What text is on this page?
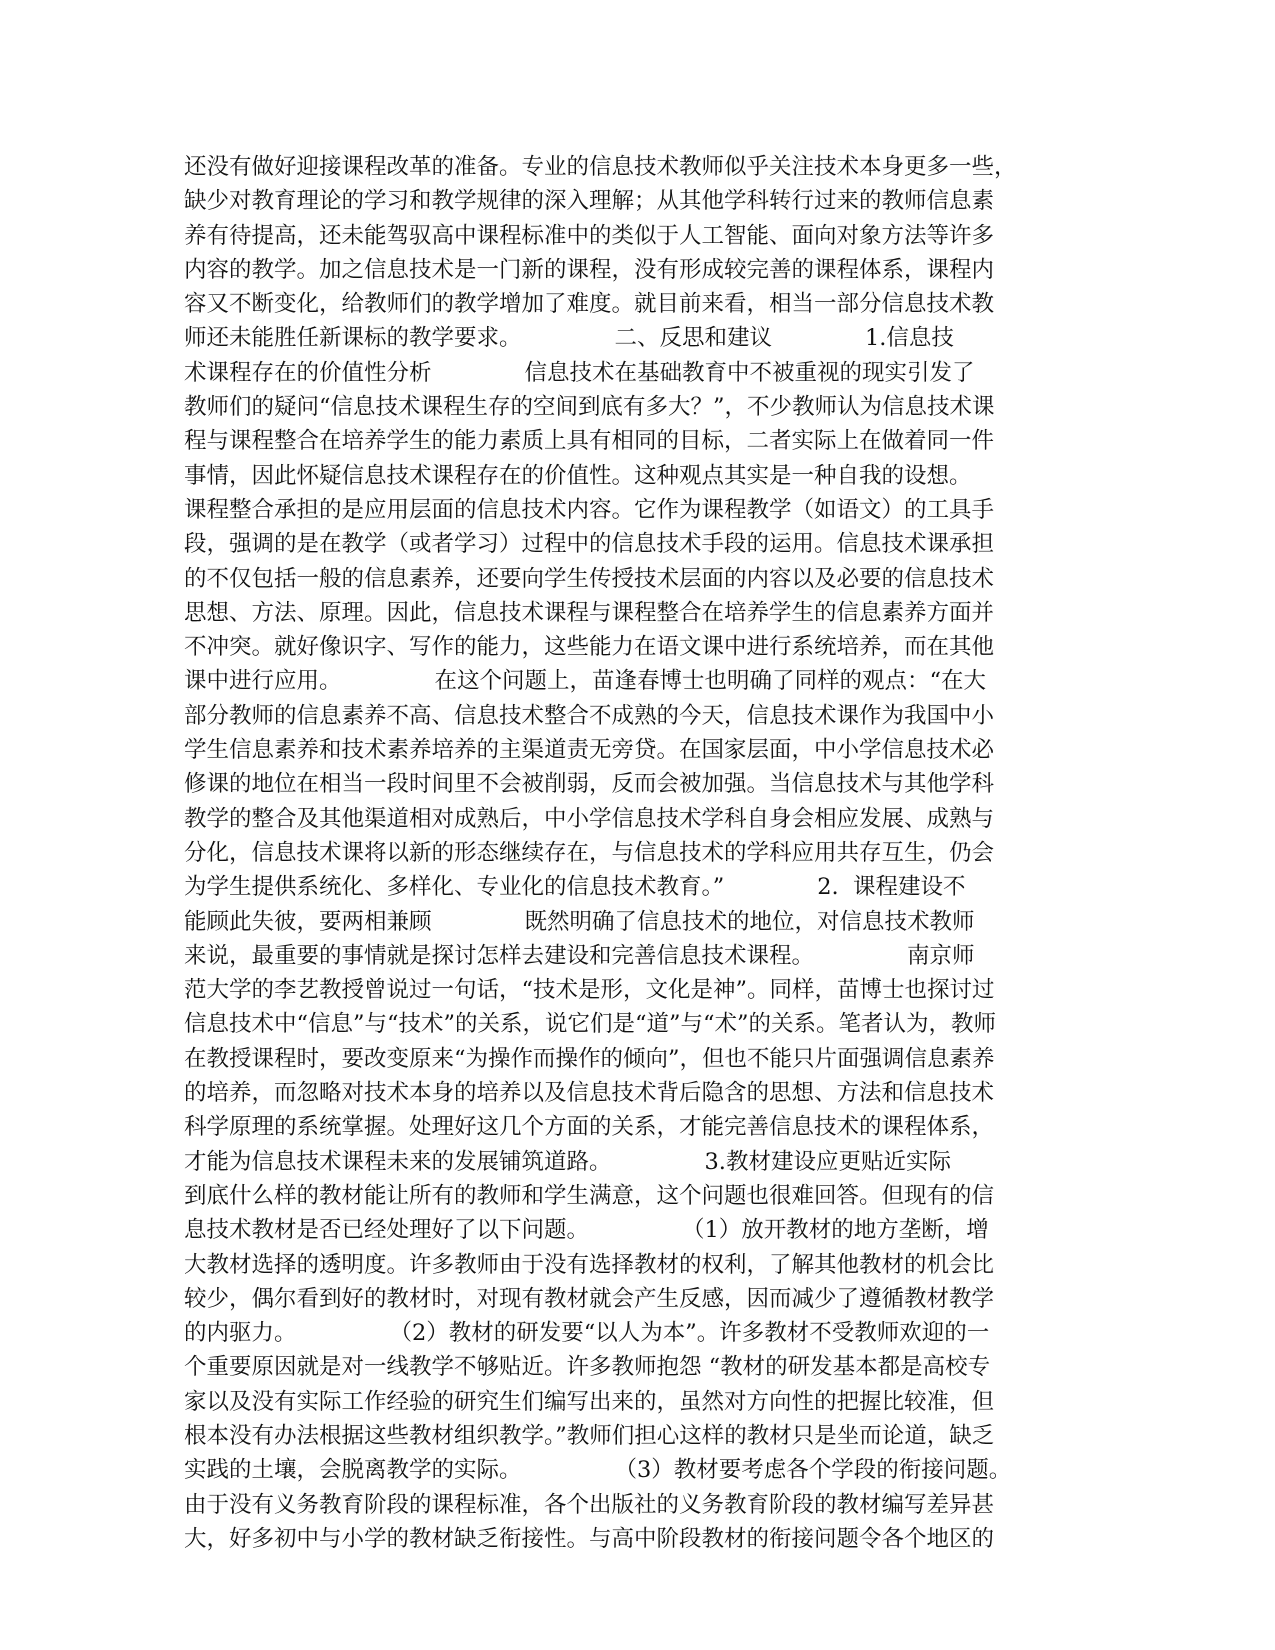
还没有做好迎接课程改革的准备。专业的信息技术教师似乎关注技术本身更多一些，
缺少对教育理论的学习和教学规律的深入理解；从其他学科转行过来的教师信息素
养有待提高，还未能驾驭高中课程标准中的类似于人工智能、面向对象方法等许多
内容的教学。加之信息技术是一门新的课程，没有形成较完善的课程体系，课程内
容又不断变化，给教师们的教学增加了难度。就目前来看，相当一部分信息技术教
师还未能胜任新课标的教学要求。             二、反思和建议             1.信息技
术课程存在的价值性分析             信息技术在基础教育中不被重视的现实引发了
教师们的疑问“信息技术课程生存的空间到底有多大？”，不少教师认为信息技术课
程与课程整合在培养学生的能力素质上具有相同的目标，二者实际上在做着同一件
事情，因此怀疑信息技术课程存在的价值性。这种观点其实是一种自我的设想。
课程整合承担的是应用层面的信息技术内容。它作为课程教学（如语文）的工具手
段，强调的是在教学（或者学习）过程中的信息技术手段的运用。信息技术课承担
的不仅包括一般的信息素养，还要向学生传授技术层面的内容以及必要的信息技术
思想、方法、原理。因此，信息技术课程与课程整合在培养学生的信息素养方面并
不冲突。就好像识字、写作的能力，这些能力在语文课中进行系统培养，而在其他
课中进行应用。             在这个问题上，苗逢春博士也明确了同样的观点：“在大
部分教师的信息素养不高、信息技术整合不成熟的今天，信息技术课作为我国中小
学生信息素养和技术素养培养的主渠道责无旁贷。在国家层面，中小学信息技术必
修课的地位在相当一段时间里不会被削弱，反而会被加强。当信息技术与其他学科
教学的整合及其他渠道相对成熟后，中小学信息技术学科自身会相应发展、成熟与
分化，信息技术课将以新的形态继续存在，与信息技术的学科应用共存互生，仍会
为学生提供系统化、多样化、专业化的信息技术教育。”             2.  课程建设不
能顾此失彼，要两相兼顾             既然明确了信息技术的地位，对信息技术教师
来说，最重要的事情就是探讨怎样去建设和完善信息技术课程。             南京师
范大学的李艺教授曾说过一句话，“技术是形，文化是神”。同样，苗博士也探讨过
信息技术中“信息”与“技术”的关系，说它们是“道”与“术”的关系。笔者认为，教师
在教授课程时，要改变原来“为操作而操作的倾向”，但也不能只片面强调信息素养
的培养，而忽略对技术本身的培养以及信息技术背后隐含的思想、方法和信息技术
科学原理的系统掌握。处理好这几个方面的关系，才能完善信息技术的课程体系，
才能为信息技术课程未来的发展铺筑道路。             3.教材建设应更贴近实际
到底什么样的教材能让所有的教师和学生满意，这个问题也很难回答。但现有的信
息技术教材是否已经处理好了以下问题。             （1）放开教材的地方垄断，增
大教材选择的透明度。许多教师由于没有选择教材的权利，了解其他教材的机会比
较少，偶尔看到好的教材时，对现有教材就会产生反感，因而减少了遵循教材教学
的内驱力。             （2）教材的研发要“以人为本”。许多教材不受教师欢迎的一
个重要原因就是对一线教学不够贴近。许多教师抱怨 “教材的研发基本都是高校专
家以及没有实际工作经验的研究生们编写出来的，虽然对方向性的把握比较准，但
根本没有办法根据这些教材组织教学。”教师们担心这样的教材只是坐而论道，缺乏
实践的土壤，会脱离教学的实际。             （3）教材要考虑各个学段的衔接问题。
由于没有义务教育阶段的课程标准，各个出版社的义务教育阶段的教材编写差异甚
大，好多初中与小学的教材缺乏衔接性。与高中阶段教材的衔接问题令各个地区的
